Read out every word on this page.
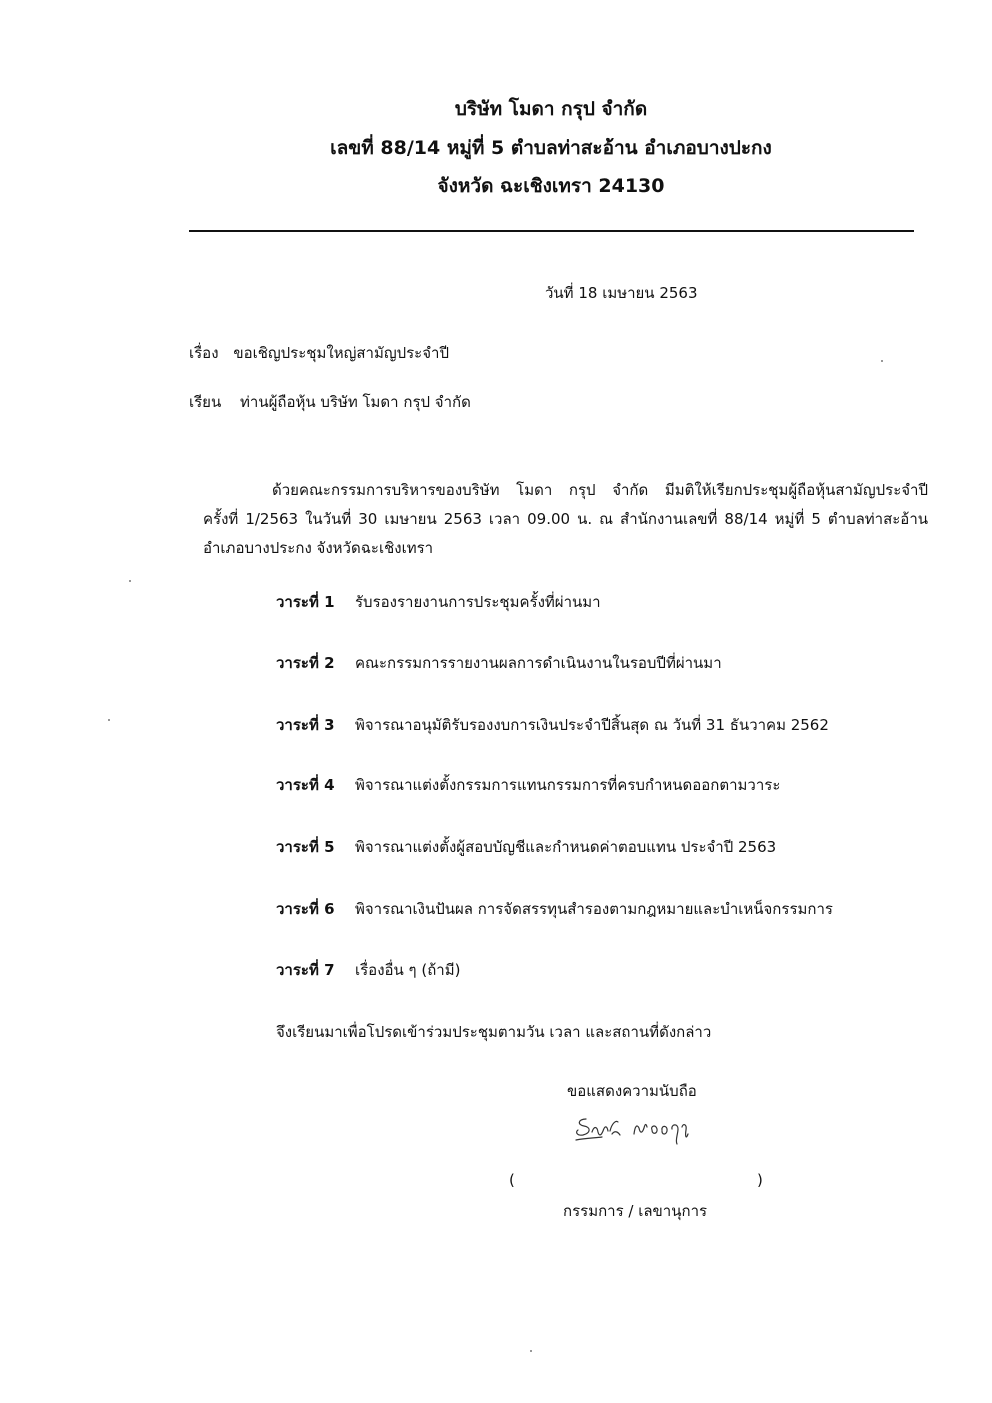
บริษัท โมดา กรุป จำกัด
เลขที่ 88/14 หมู่ที่ 5 ตำบลท่าสะอ้าน อำเภอบางปะกง
จังหวัด ฉะเชิงเทรา 24130
วันที่ 18 เมษายน 2563
เรื่อง ขอเชิญประชุมใหญ่สามัญประจำปี
เรียน ท่านผู้ถือหุ้น บริษัท โมดา กรุป จำกัด
ด้วยคณะกรรมการบริหารของบริษัท โมดา กรุป จำกัด มีมติให้เรียกประชุมผู้ถือหุ้นสามัญประจำปี
ครั้งที่ 1/2563 ในวันที่ 30 เมษายน 2563 เวลา 09.00 น. ณ สำนักงานเลขที่ 88/14 หมู่ที่ 5 ตำบลท่าสะอ้าน
อำเภอบางประกง จังหวัดฉะเชิงเทรา
วาระที่ 1 รับรองรายงานการประชุมครั้งที่ผ่านมา
วาระที่ 2 คณะกรรมการรายงานผลการดำเนินงานในรอบปีที่ผ่านมา
วาระที่ 3 พิจารณาอนุมัติรับรองงบการเงินประจำปีสิ้นสุด ณ วันที่ 31 ธันวาคม 2562
วาระที่ 4 พิจารณาแต่งตั้งกรรมการแทนกรรมการที่ครบกำหนดออกตามวาระ
วาระที่ 5 พิจารณาแต่งตั้งผู้สอบบัญชีและกำหนดค่าตอบแทน ประจำปี 2563
วาระที่ 6 พิจารณาเงินปันผล การจัดสรรทุนสำรองตามกฎหมายและบำเหน็จกรรมการ
วาระที่ 7 เรื่องอื่น ๆ (ถ้ามี)
จึงเรียนมาเพื่อโปรดเข้าร่วมประชุมตามวัน เวลา และสถานที่ดังกล่าว
ขอแสดงความนับถือ
(	)
กรรมการ / เลขานุการ
